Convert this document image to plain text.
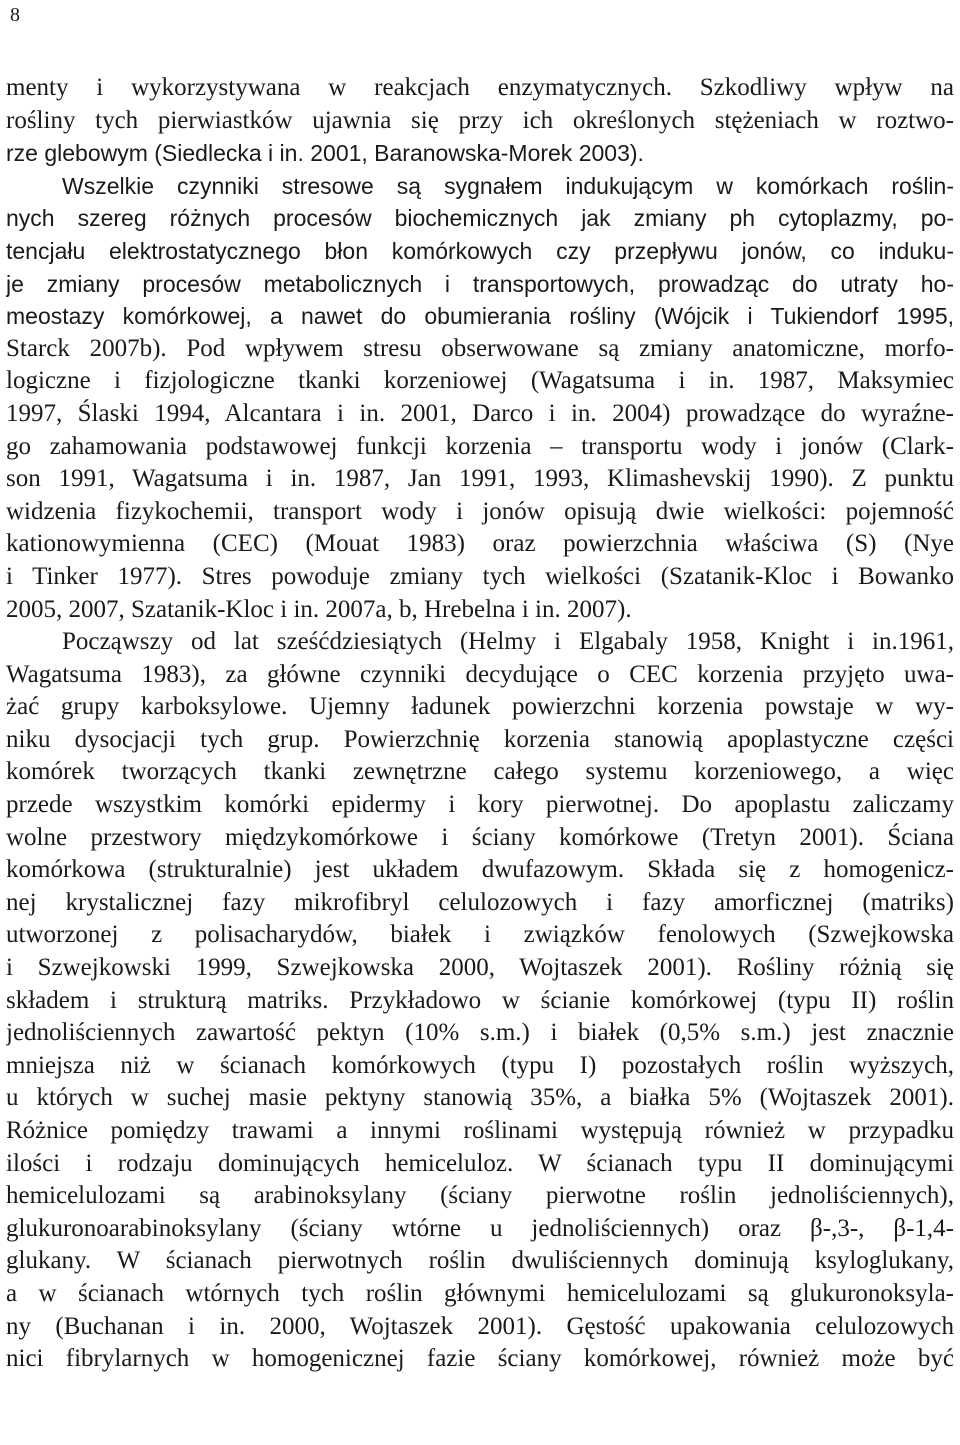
8
menty i wykorzystywana w reakcjach enzymatycznych. Szkodliwy wpływ na
rośliny tych pierwiastków ujawnia się przy ich określonych stężeniach w roztwo-
rze glebowym (Siedlecka i in. 2001, Baranowska-Morek 2003).
Wszelkie czynniki stresowe są sygnałem indukującym w komórkach roślin-
nych szereg różnych procesów biochemicznych jak zmiany ph cytoplazmy, po-
tencjału elektrostatycznego błon komórkowych czy przepływu jonów, co induku-
je zmiany procesów metabolicznych i transportowych, prowadząc do utraty ho-
meostazy komórkowej, a nawet do obumierania rośliny (Wójcik i Tukiendorf 1995,
Starck 2007b). Pod wpływem stresu obserwowane są zmiany anatomiczne, morfo-
logiczne i fizjologiczne tkanki korzeniowej (Wagatsuma i in. 1987, Maksymiec
1997, Ślaski 1994, Alcantara i in. 2001, Darco i in. 2004) prowadzące do wyraźne-
go zahamowania podstawowej funkcji korzenia – transportu wody i jonów (Clark-
son 1991, Wagatsuma i in. 1987, Jan 1991, 1993, Klimashevskij 1990). Z punktu
widzenia fizykochemii, transport wody i jonów opisują dwie wielkości: pojemność
kationowymienna (CEC) (Mouat 1983) oraz powierzchnia właściwa (S) (Nye
i Tinker 1977). Stres powoduje zmiany tych wielkości (Szatanik-Kloc i Bowanko
2005, 2007, Szatanik-Kloc i in. 2007a, b, Hrebelna i in. 2007).
Począwszy od lat sześćdziesiątych (Helmy i Elgabaly 1958, Knight i in.1961,
Wagatsuma 1983), za główne czynniki decydujące o CEC korzenia przyjęto uwa-
żać grupy karboksylowe. Ujemny ładunek powierzchni korzenia powstaje w wy-
niku dysocjacji tych grup. Powierzchnię korzenia stanowią apoplastyczne części
komórek tworzących tkanki zewnętrzne całego systemu korzeniowego, a więc
przede wszystkim komórki epidermy i kory pierwotnej. Do apoplastu zaliczamy
wolne przestwory międzykomórkowe i ściany komórkowe (Tretyn 2001). Ściana
komórkowa (strukturalnie) jest układem dwufazowym. Składa się z homogenicz-
nej krystalicznej fazy mikrofibryl celulozowych i fazy amorficznej (matriks)
utworzonej z polisacharydów, białek i związków fenolowych (Szwejkowska
i Szwejkowski 1999, Szwejkowska 2000, Wojtaszek 2001). Rośliny różnią się
składem i strukturą matriks. Przykładowo w ścianie komórkowej (typu II) roślin
jednoliściennych zawartość pektyn (10% s.m.) i białek (0,5% s.m.) jest znacznie
mniejsza niż w ścianach komórkowych (typu I) pozostałych roślin wyższych,
u których w suchej masie pektyny stanowią 35%, a białka 5% (Wojtaszek 2001).
Różnice pomiędzy trawami a innymi roślinami występują również w przypadku
ilości i rodzaju dominujących hemiceluloz. W ścianach typu II dominującymi
hemicelulozami są arabinoksylany (ściany pierwotne roślin jednoliściennych),
glukuronoarabinoksylany (ściany wtórne u jednoliściennych) oraz β-,3-, β-1,4-
glukany. W ścianach pierwotnych roślin dwuliściennych dominują ksyloglukany,
a w ścianach wtórnych tych roślin głównymi hemicelulozami są glukuronoksyla-
ny (Buchanan i in. 2000, Wojtaszek 2001). Gęstość upakowania celulozowych
nici fibrylarnych w homogenicznej fazie ściany komórkowej, również może być
